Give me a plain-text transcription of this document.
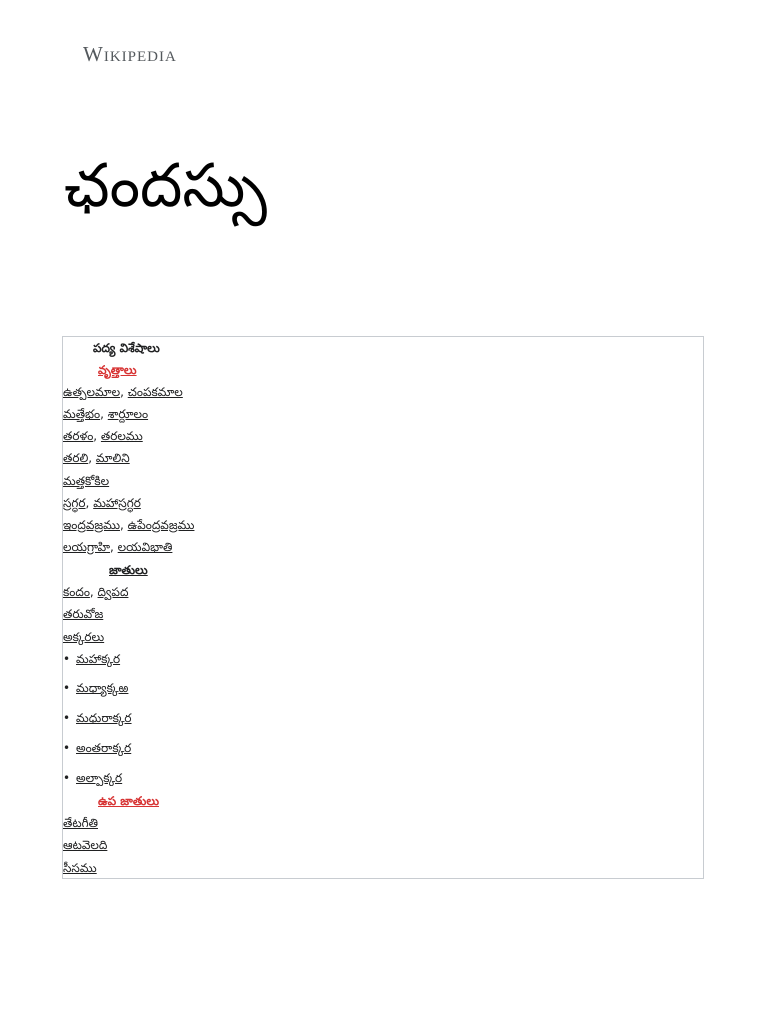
Wikipedia
ఛందస్సు
పద్య విశేషాలు
వృత్తాలు
ఉత్పలమాల, చంపకమాల
మత్తేభం, శార్దూలం
తరళం, తరలము
తరలి, మాలిని
మత్తకోకిల
స్రగ్ధర, మహాస్రగ్ధర
ఇంద్రవజ్రము, ఉపేంద్రవజ్రము
లయగ్రాహి, లయవిభాతి
జాతులు
కందం, ద్విపద
తరువోజ
అక్కరలు
• మహాక్కర
• మధ్యాక్కఱ
• మధురాక్కర
• అంతరాక్కర
• అల్పాక్కర
ఉప జాతులు
తేటగీతి
ఆటవెలది
సీసము
